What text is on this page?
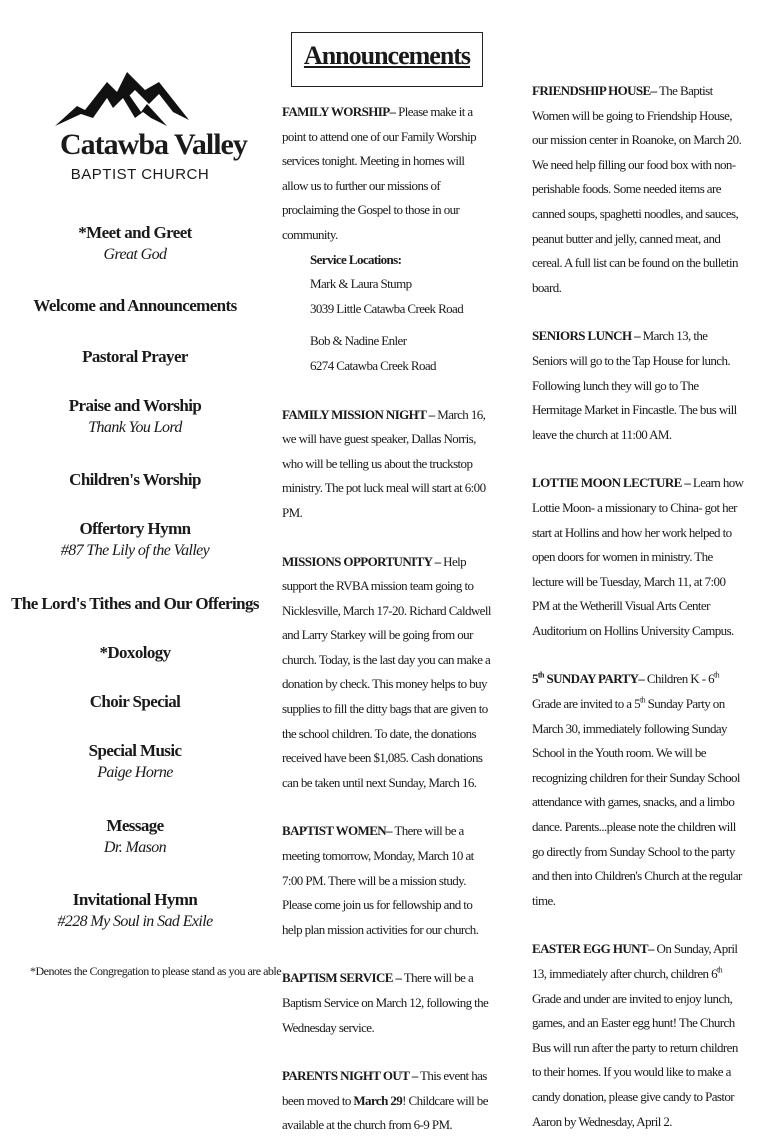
Catawba Valley
BAPTIST CHURCH
*Meet and Greet
Great God
Welcome and Announcements
Pastoral Prayer
Praise and Worship
Thank You Lord
Children's Worship
Offertory Hymn
#87 The Lily of the Valley
The Lord's Tithes and Our Offerings
*Doxology
Choir Special
Special Music
Paige Horne
Message
Dr. Mason
Invitational Hymn
#228 My Soul in Sad Exile
*Denotes the Congregation to please stand as you are able
Announcements

FAMILY WORSHIP– Please make it a point to attend one of our Family Worship services tonight. Meeting in homes will allow us to further our missions of proclaiming the Gospel to those in our community.

Service Locations:

Mark & Laura Stump

3039 Little Catawba Creek Road

Bob & Nadine Enler

6274 Catawba Creek Road

FAMILY MISSION NIGHT – March 16, we will have guest speaker, Dallas Norris, who will be telling us about the truckstop ministry. The pot luck meal will start at 6:00 PM.

MISSIONS OPPORTUNITY – Help support the RVBA mission team going to Nicklesville, March 17-20. Richard Caldwell and Larry Starkey will be going from our church. Today, is the last day you can make a donation by check. This money helps to buy supplies to fill the ditty bags that are given to the school children. To date, the donations received have been $1,085. Cash donations can be taken until next Sunday, March 16.

BAPTIST WOMEN– There will be a meeting tomorrow, Monday, March 10 at 7:00 PM. There will be a mission study. Please come join us for fellowship and to help plan mission activities for our church.

BAPTISM SERVICE – There will be a Baptism Service on March 12, following the Wednesday service.

PARENTS NIGHT OUT – This event has been moved to March 29! Childcare will be available at the church from 6-9 PM.

FRIENDSHIP HOUSE– The Baptist Women will be going to Friendship House, our mission center in Roanoke, on March 20. We need help filling our food box with non-perishable foods. Some needed items are canned soups, spaghetti noodles, and sauces, peanut butter and jelly, canned meat, and cereal. A full list can be found on the bulletin board.

SENIORS LUNCH – March 13, the Seniors will go to the Tap House for lunch. Following lunch they will go to The Hermitage Market in Fincastle. The bus will leave the church at 11:00 AM.

LOTTIE MOON LECTURE – Learn how Lottie Moon- a missionary to China- got her start at Hollins and how her work helped to open doors for women in ministry. The lecture will be Tuesday, March 11, at 7:00 PM at the Wetherill Visual Arts Center Auditorium on Hollins University Campus.

5th SUNDAY PARTY– Children K - 6th Grade are invited to a 5th Sunday Party on March 30, immediately following Sunday School in the Youth room. We will be recognizing children for their Sunday School attendance with games, snacks, and a limbo dance. Parents...please note the children will go directly from Sunday School to the party and then into Children's Church at the regular time.

EASTER EGG HUNT– On Sunday, April 13, immediately after church, children 6th Grade and under are invited to enjoy lunch, games, and an Easter egg hunt! The Church Bus will run after the party to return children to their homes. If you would like to make a candy donation, please give candy to Pastor Aaron by Wednesday, April 2.
